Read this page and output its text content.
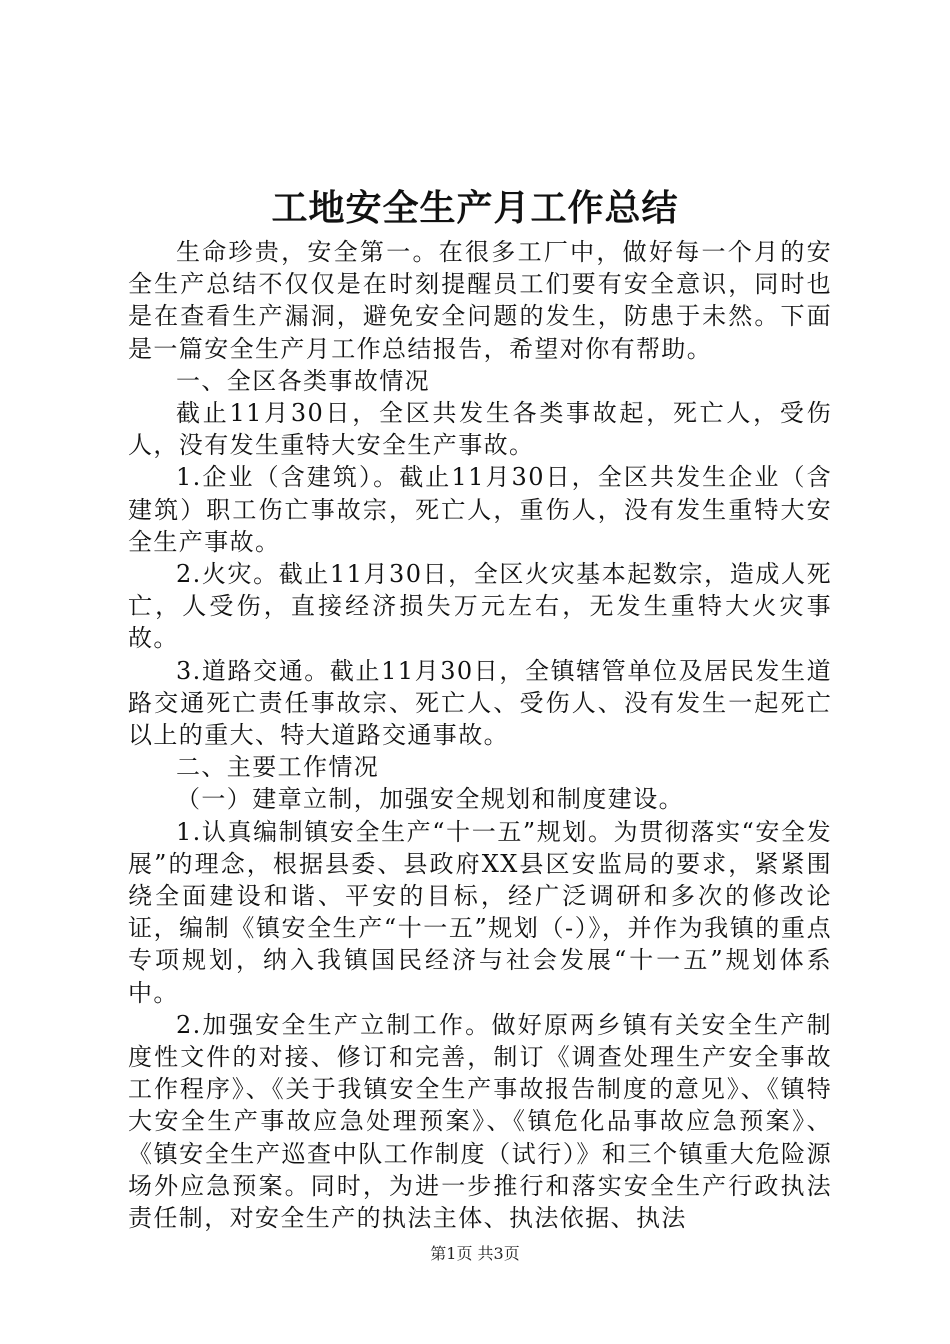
工地安全生产月工作总结

生命珍贵，安全第一。在很多工厂中，做好每一个月的安全生产总结不仅仅是在时刻提醒员工们要有安全意识，同时也是在查看生产漏洞，避免安全问题的发生，防患于未然。下面是一篇安全生产月工作总结报告，希望对你有帮助。

一、全区各类事故情况

截止11月30日，全区共发生各类事故起，死亡人，受伤人，没有发生重特大安全生产事故。

1.企业（含建筑）。截止11月30日，全区共发生企业（含建筑）职工伤亡事故宗，死亡人，重伤人，没有发生重特大安全生产事故。

2.火灾。截止11月30日，全区火灾基本起数宗，造成人死亡，人受伤，直接经济损失万元左右，无发生重特大火灾事故。

3.道路交通。截止11月30日，全镇辖管单位及居民发生道路交通死亡责任事故宗、死亡人、受伤人、没有发生一起死亡以上的重大、特大道路交通事故。

二、主要工作情况

（一）建章立制，加强安全规划和制度建设。

1.认真编制镇安全生产“十一五”规划。为贯彻落实“安全发展”的理念，根据县委、县政府XX县区安监局的要求，紧紧围绕全面建设和谐、平安的目标，经广泛调研和多次的修改论证，编制《镇安全生产“十一五”规划（-）》，并作为我镇的重点专项规划，纳入我镇国民经济与社会发展“十一五”规划体系中。

2.加强安全生产立制工作。做好原两乡镇有关安全生产制度性文件的对接、修订和完善，制订《调查处理生产安全事故工作程序》、《关于我镇安全生产事故报告制度的意见》、《镇特大安全生产事故应急处理预案》、《镇危化品事故应急预案》、《镇安全生产巡查中队工作制度（试行）》和三个镇重大危险源场外应急预案。同时，为进一步推行和落实安全生产行政执法责任制，对安全生产的执法主体、执法依据、执法

第1页 共3页
